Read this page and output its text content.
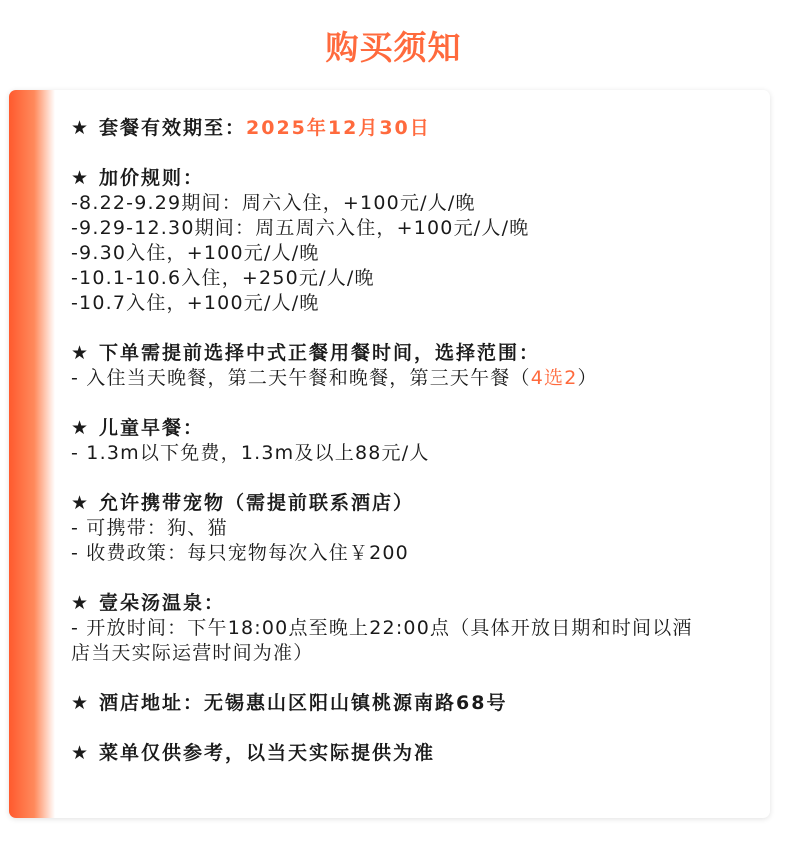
购买须知
★ 套餐有效期至：2025年12月30日
★ 加价规则：
-8.22-9.29期间：周六入住，+100元/人/晚
-9.29-12.30期间：周五周六入住，+100元/人/晚
-9.30入住，+100元/人/晚
-10.1-10.6入住，+250元/人/晚
-10.7入住，+100元/人/晚
★ 下单需提前选择中式正餐用餐时间，选择范围：
- 入住当天晚餐，第二天午餐和晚餐，第三天午餐（4选2）
★ 儿童早餐：
- 1.3m以下免费，1.3m及以上88元/人
★ 允许携带宠物（需提前联系酒店）
- 可携带：狗、猫
- 收费政策：每只宠物每次入住￥200
★ 壹朵汤温泉：
- 开放时间：下午18:00点至晚上22:00点（具体开放日期和时间以酒店当天实际运营时间为准）
★ 酒店地址：无锡惠山区阳山镇桃源南路68号
★ 菜单仅供参考，以当天实际提供为准
